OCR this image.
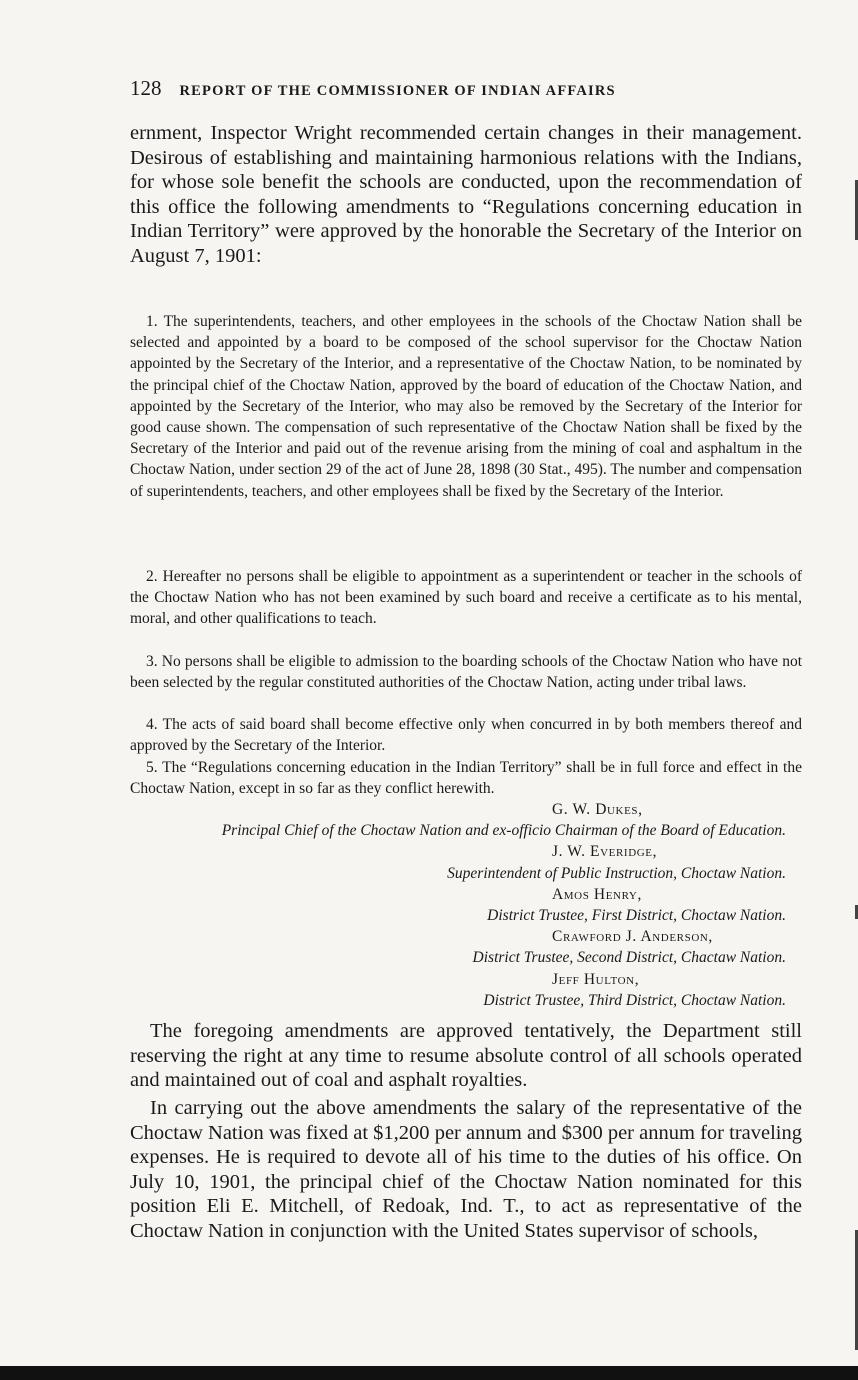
128 REPORT OF THE COMMISSIONER OF INDIAN AFFAIRS

ernment, Inspector Wright recommended certain changes in their management. Desirous of establishing and maintaining harmonious relations with the Indians, for whose sole benefit the schools are conducted, upon the recommendation of this office the following amendments to “Regulations concerning education in Indian Territory” were approved by the honorable the Secretary of the Interior on August 7, 1901:

1. The superintendents, teachers, and other employees in the schools of the Choctaw Nation shall be selected and appointed by a board to be composed of the school supervisor for the Choctaw Nation appointed by the Secretary of the Interior, and a representative of the Choctaw Nation, to be nominated by the principal chief of the Choctaw Nation, approved by the board of education of the Choctaw Nation, and appointed by the Secretary of the Interior, who may also be removed by the Secretary of the Interior for good cause shown. The compensation of such representative of the Choctaw Nation shall be fixed by the Secretary of the Interior and paid out of the revenue arising from the mining of coal and asphaltum in the Choctaw Nation, under section 29 of the act of June 28, 1898 (30 Stat., 495). The number and compensation of superintendents, teachers, and other employees shall be fixed by the Secretary of the Interior.

2. Hereafter no persons shall be eligible to appointment as a superintendent or teacher in the schools of the Choctaw Nation who has not been examined by such board and receive a certificate as to his mental, moral, and other qualifications to teach.

3. No persons shall be eligible to admission to the boarding schools of the Choctaw Nation who have not been selected by the regular constituted authorities of the Choctaw Nation, acting under tribal laws.

4. The acts of said board shall become effective only when concurred in by both members thereof and approved by the Secretary of the Interior.

5. The “Regulations concerning education in the Indian Territory” shall be in full force and effect in the Choctaw Nation, except in so far as they conflict herewith.

G. W. Dukes,
Principal Chief of the Choctaw Nation and ex-officio Chairman of the Board of Education.
J. W. Everidge,
Superintendent of Public Instruction, Choctaw Nation.
Amos Henry,
District Trustee, First District, Choctaw Nation.
Crawford J. Anderson,
District Trustee, Second District, Chactaw Nation.
Jeff Hulton,
District Trustee, Third District, Choctaw Nation.

The foregoing amendments are approved tentatively, the Department still reserving the right at any time to resume absolute control of all schools operated and maintained out of coal and asphalt royalties.

In carrying out the above amendments the salary of the representative of the Choctaw Nation was fixed at $1,200 per annum and $300 per annum for traveling expenses. He is required to devote all of his time to the duties of his office. On July 10, 1901, the principal chief of the Choctaw Nation nominated for this position Eli E. Mitchell, of Redoak, Ind. T., to act as representative of the Choctaw Nation in conjunction with the United States supervisor of schools,
